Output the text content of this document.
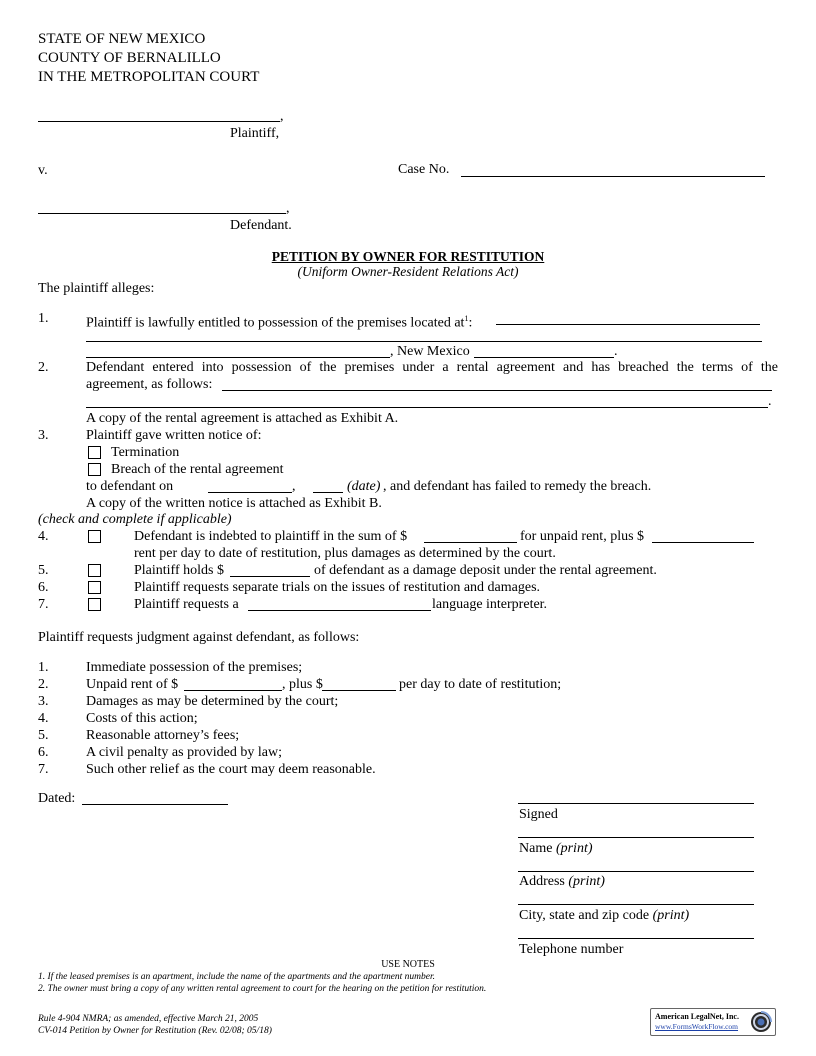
STATE OF NEW MEXICO
COUNTY OF BERNALILLO
IN THE METROPOLITAN COURT
,
Plaintiff,
v.	Case No.
,
Defendant.
PETITION BY OWNER FOR RESTITUTION
(Uniform Owner-Resident Relations Act)
The plaintiff alleges:
1.	Plaintiff is lawfully entitled to possession of the premises located $at^1$:
, New Mexico	.
2.	Defendant entered into possession of the premises under a rental agreement and has breached the terms of the
agreement, as follows:
.
A copy of the rental agreement is attached as Exhibit A.
3.	Plaintiff gave written notice of:
Termination
Breach of the rental agreement
to defendant on	,	(date) , and defendant has failed to remedy the breach.
A copy of the written notice is attached as Exhibit B.
(check and complete if applicable)
4.	Defendant is indebted to plaintiff in the sum of $	for unpaid rent, plus $
rent per day to date of restitution, plus damages as determined by the court.
5.	Plaintiff holds $	of defendant as a damage deposit under the rental agreement.
6.	Plaintiff requests separate trials on the issues of restitution and damages.
7.	Plaintiff requests a	language interpreter.
Plaintiff requests judgment against defendant, as follows:
1.	Immediate possession of the premises;
2.	Unpaid rent of $	, plus $	per day to date of restitution;
3.	Damages as may be determined by the court;
4.	Costs of this action;
5.	Reasonable attorney’s fees;
6.	A civil penalty as provided by law;
7.	Such other relief as the court may deem reasonable.
Dated:
Signed
Name (print)
Address (print)
City, state and zip code (print)
Telephone number
USE NOTES
1. If the leased premises is an apartment, include the name of the apartments and the apartment number.
2. The owner must bring a copy of any written rental agreement to court for the hearing on the petition for restitution.
Rule 4-904 NMRA; as amended, effective March 21, 2005
CV-014 Petition by Owner for Restitution (Rev. 02/08; 05/18)
American LegalNet, Inc.
www.FormsWorkFlow.com
